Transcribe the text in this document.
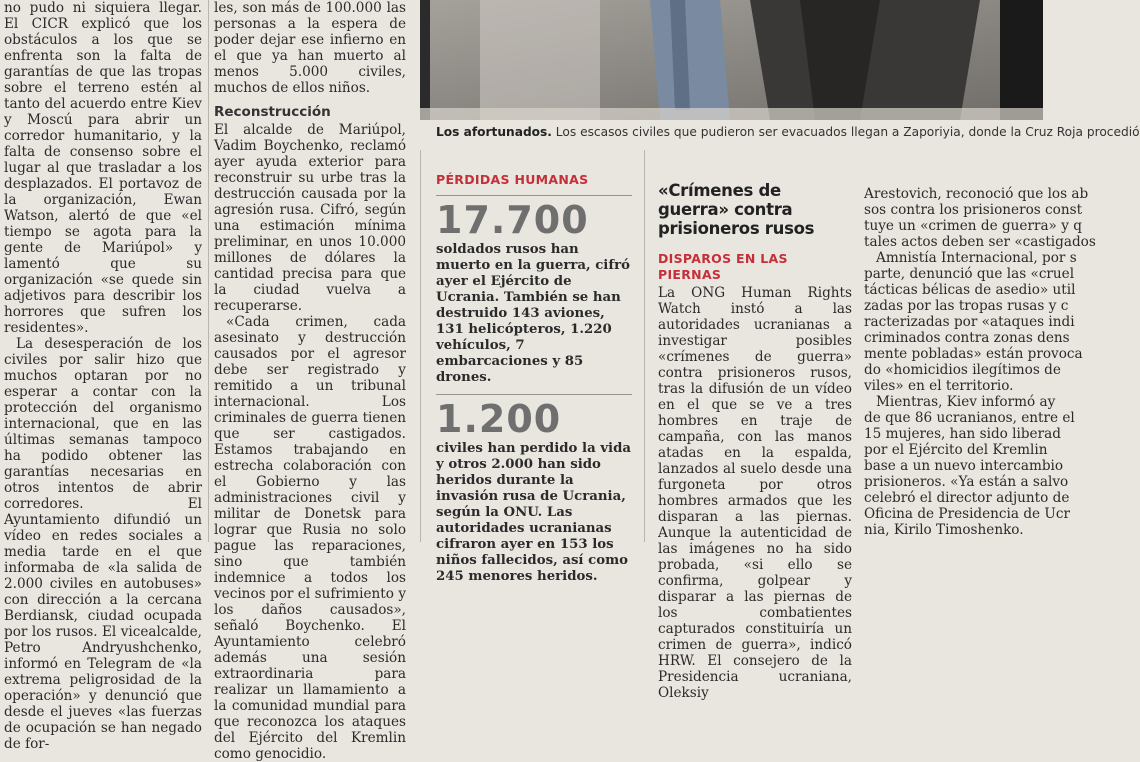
no pudo ni siquiera llegar. El CICR explicó que los obstáculos a los que se enfrenta son la falta de garantías de que las tropas sobre el terreno estén al tanto del acuerdo entre Kiev y Moscú para abrir un corredor humanitario, y la falta de consenso sobre el lugar al que trasladar a los desplazados. El portavoz de la organización, Ewan Watson, alertó de que «el tiempo se agota para la gente de Mariúpol» y lamentó que su organización «se quede sin adjetivos para describir los horrores que sufren los residentes».

La desesperación de los civiles por salir hizo que muchos optaran por no esperar a contar con la protección del organismo internacional, que en las últimas semanas tampoco ha podido obtener las garantías necesarias en otros intentos de abrir corredores. El Ayuntamiento difundió un vídeo en redes sociales a media tarde en el que informaba de «la salida de 2.000 civiles en autobuses» con dirección a la cercana Berdiansk, ciudad ocupada por los rusos. El vicealcalde, Petro Andryushchenko, informó en Telegram de «la extrema peligrosidad de la operación» y denunció que desde el jueves «las fuerzas de ocupación se han negado de for-

les, son más de 100.000 las personas a la espera de poder dejar ese infierno en el que ya han muerto al menos 5.000 civiles, muchos de ellos niños.

Reconstrucción

El alcalde de Mariúpol, Vadim Boychenko, reclamó ayer ayuda exterior para reconstruir su urbe tras la destrucción causada por la agresión rusa. Cifró, según una estimación mínima preliminar, en unos 10.000 millones de dólares la cantidad precisa para que la ciudad vuelva a recuperarse.

«Cada crimen, cada asesinato y destrucción causados por el agresor debe ser registrado y remitido a un tribunal internacional. Los criminales de guerra tienen que ser castigados. Estamos trabajando en estrecha colaboración con el Gobierno y las administraciones civil y militar de Donetsk para lograr que Rusia no solo pague las reparaciones, sino que también indemnice a todos los vecinos por el sufrimiento y los daños causados», señaló Boychenko. El Ayuntamiento celebró además una sesión extraordinaria para realizar un llamamiento a la comunidad mundial para que reconozca los ataques del Ejército del Kremlin como genocidio.

Los afortunados. Los escasos civiles que pudieron ser evacuados llegan a Zaporiyia, donde la Cruz Roja procedió
PÉRDIDAS HUMANAS
17.700
soldados rusos han muerto en la guerra, cifró ayer el Ejército de Ucrania. También se han destruido 143 aviones, 131 helicópteros, 1.220 vehículos, 7 embarcaciones y 85 drones.
1.200
civiles han perdido la vida y otros 2.000 han sido heridos durante la invasión rusa de Ucrania, según la ONU. Las autoridades ucranianas cifraron ayer en 153 los niños fallecidos, así como 245 menores heridos.
«Crímenes de guerra» contra prisioneros rusos
DISPAROS EN LAS PIERNAS

La ONG Human Rights Watch instó a las autoridades ucranianas a investigar posibles «crímenes de guerra» contra prisioneros rusos, tras la difusión de un vídeo en el que se ve a tres hombres en traje de campaña, con las manos atadas en la espalda, lanzados al suelo desde una furgoneta por otros hombres armados que les disparan a las piernas. Aunque la autenticidad de las imágenes no ha sido probada, «si ello se confirma, golpear y disparar a las piernas de los combatientes capturados constituiría un crimen de guerra», indicó HRW. El consejero de la Presidencia ucraniana, Oleksiy

Arestovich, reconoció que los ab

sos contra los prisioneros const

tuye un «crimen de guerra» y q

tales actos deben ser «castigados

Amnistía Internacional, por s

parte, denunció que las «cruel

tácticas bélicas de asedio» util

zadas por las tropas rusas y c

racterizadas por «ataques indi

criminados contra zonas dens

mente pobladas» están provoca

do «homicidios ilegítimos de

viles» en el territorio.

Mientras, Kiev informó ay

de que 86 ucranianos, entre el

15 mujeres, han sido liberad

por el Ejército del Kremlin

base a un nuevo intercambio

prisioneros. «Ya están a salvo

celebró el director adjunto de

Oficina de Presidencia de Ucr

nia, Kirilo Timoshenko.
